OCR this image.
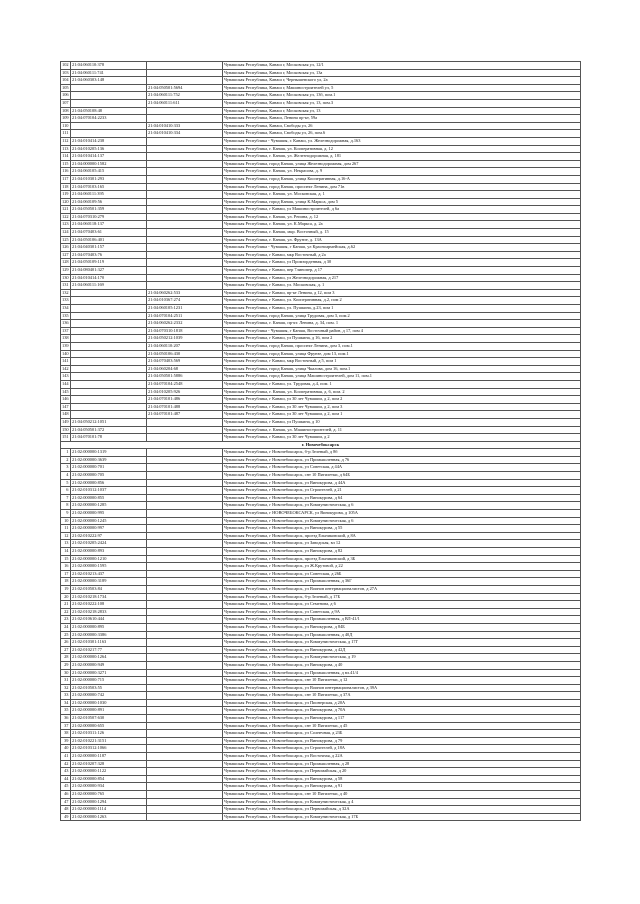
102	21:04:060110:378		Чувашская Республика, Канаш г, Московская ул, 12/1
103	21:04:060111:741		Чувашская Республика, Канаш г, Московская ул, 13а
104	21:04:060303:148		Чувашская Республика, Канаш г, Чернышевского ул, 2а
105		21:04:050501:5694	Чувашская Республика, Канаш г, Машиностроителей ул, 5
106		21:04:060111:752	Чувашская Республика, Канаш г, Московская ул, 13б, пом.1
107		21:04:060111:611	Чувашская Республика, Канаш г, Московская ул, 13, пом.3
108	21:04:050108:48		Чувашская Республика, Канаш г, Московская ул, 13
109	21:04:070104:2233		Чувашская Республика, Канаш, Ленина пр-кт, 59а
110		21:04:010410:333	Чувашская Республика, Канаш, Свободы ул, 26
111		21:04:010410:334	Чувашская Республика, Канаш, Свободы ул, 26, пом.6
112	21:04:010414:238		Чувашская Республика - Чувашия, г. Канаш, ул. Железнодорожная, д.163
113	21:04:010205:136		Чувашская Республика, г. Канаш, ул. Кооперативная, д. 12
114	21:04:010414:137		Чувашская Республика, г. Канаш, ул. Железнодорожная, д. 181
115	21:04:000000:1582		Чувашская Республика, город Канаш, улица Железнодорожная, дом 267
116	21:04:060105:415		Чувашская Республика, г. Канаш, ул. Некрасова, д. 9
117	21:04:010301:293		Чувашская Республика, город Канаш, улица Кооперативная, д.16-А
118	21:04:070103:165		Чувашская Республика, город Канаш, проспект Ленина, дом 71в
119	21:04:060111:395		Чувашская Республика, г. Канаш, ул. Московская, д. 1
120	21:04:060109:56		Чувашская Республика, город Канаш, улица К.Маркса, дом 5
121	21:04:050501:359		Чувашская Республика, г Канаш, ул Машиностроителей, д 6а
122	21:04:070310:279		Чувашская Республика, г. Канаш, ул. Репина, д. 12
123	21:04:060118:137		Чувашская Республика, г. Канаш, ул. К.Маркса, д. 2а
124	21:04:070403:61		Чувашская Республика, г. Канаш, мкр. Восточный, д. 15
125	21:04:050106:401		Чувашская Республика, г. Канаш, ул. Фрунзе, д. 13А
126	21:04:040301:157		Чувашская Республика - Чувашия, г Канаш, ул Красноармейская, д.62
127	21:04:070403:76		Чувашская Республика, г Канаш, мкр Восточный, д 2а
128	21:04:050109:119		Чувашская Республика, г Канаш, ул Промзорденная, д 30
129	21:04:080401:327		Чувашская Республика, г Канаш, пер 7линопер, д 17
130	21:04:010414:170		Чувашская Республика, г Канаш, ул Железнодорожная, д 217
131	21:04:060111:169		Чувашская Республика, г Канаш, ул. Московская, д. 1
132		21:04:060262:533	Чувашская Республика, г Канаш, пр-кт Ленина, д 12, пом 3
133		21:04:010367:274	Чувашская Республика, г Канаш, ул. Кооперативная, д.2, пом 2
134		21:04:060105:1231	Чувашская Республика, г Канаш, ул. Пушкина, д.23, пом 1
135		21:04:070104:2511	Чувашская Республика, город Канаш, улица Трудовая, дом 3, пом.2
136		21:04:060262:2332	Чувашская Республика, г. Канаш, пр-кт. Ленина, д. 34, пом. 1
137		21:04:070310:1818	Чувашская Республика - Чувашия, г Канаш, Восточный район, д 17, пом 4
138		21:04:050212:1039	Чувашская Республика, г Канаш, ул Пушкина, д 16, пом 2
139		21:04:060110:207	Чувашская Республика, город Канаш, проспект Ленина, дом 3, пом.1
140		21:04:050106:430	Чувашская Республика, город Канаш, улица Фрунзе, дом 13, пом.1
141		21:04:070403:569	Чувашская Республика, г Канаш, мкр Восточный, д 5, пом 1
142		21:04:060204:68	Чувашская Республика, город Канаш, улица Чкалова, дом 16, пом.1
143		21:04:050501:5886	Чувашская Республика, город Канаш, улица Машиностроителей, дом 11, пом.1
144		21:04:070104:2548	Чувашская Республика, г Канаш, ул. Трудовая, д.4, пом. 1
145		21:04:010205:926	Чувашская Республика, г. Канаш, ул. Кооперативная, д. 6, пом. 2
146		21:04:070101:486	Чувашская Республика, г Канаш, ул 30 лет Чувашии, д 2, пом 2
147		21:04:070101:488	Чувашская Республика, г Канаш, ул 30 лет Чувашии, д 2, пом 3
148		21:04:070101:487	Чувашская Республика, г Канаш, ул 30 лет Чувашии, д 2, пом 1
149	21:04:050212:1051		Чувашская Республика, г Канаш, ул Пушкина, д 10
150	21:04:050501:372		Чувашская Республика, г. Канаш, ул. Машиностроителей, д. 11
151	21:04:070101:78		Чувашская Республика, г Канаш, ул 30 лет Чувашии, д 2
г. Новочебоксарск			
1	21:02:000000:1319		Чувашская Республика, г Новочебоксарск, б-р Зеленый, д 8б
2	21:02:000000:3639		Чувашская Республика, г Новочебоксарск, ул Промышленная, д 76
3	21:02:000000:701		Чувашская Республика, г Новочебоксарск, ул Советская, д 44А
4	21:02:000000:705		Чувашская Республика, г Новочебоксарск, снт 10 Пятилетки, д 64Б
5	21:02:000000:856		Чувашская Республика, г Новочебоксарск, ул Винокурова, д 44А
6	21:02:010312:1037		Чувашская Республика, г Новочебоксарск, ул Строителей, д 21
7	21:02:000000:855		Чувашская Республика, г Новочебоксарск, ул Винокурова, д 64
8	21:02:000000:1285		Чувашская Республика, г Новочебоксарск, ул Коммунистическая, д 6
9	21:02:000000:995		Чувашская Республика, г НОВОЧЕБОКСАРСК, ул Винокурова, д 105А
10	21:02:000000:1245		Чувашская Республика, г Новочебоксарск, ул Коммунистическая, д 6
11	21:02:000000:997		Чувашская Республика, г Новочебоксарск, ул Винокурова, д 55
12	21:02:010222:97		Чувашская Республика, г Новочебоксарск, проезд Ельниковский, д 8А
13	21:02:010205:2424		Чувашская Республика, г Новочебоксарск, ул Заводская, вл 12
14	21:02:000000:893		Чувашская Республика, г Новочебоксарск, ул Винокурова, д 82
15	21:02:000000:1210		Чувашская Республика, г Новочебоксарск, проезд Ельниковский, д 3Б
16	21:02:000000:1595		Чувашская Республика, г Новочебоксарск, ул Ж.Крутовой, д 22
17	21:02:010213:437		Чувашская Республика, г Новочебоксарск, ул Советская, д 26Б
18	21:02:000000:3189		Чувашская Республика, г Новочебоксарск, ул Промышленная, д 36Г
19	21:02:010503:84		Чувашская Республика, г Новочебоксарск, ул Воинов интернационалистов, д 27А
20	21:02:010218:1734		Чувашская Республика, г Новочебоксарск, б-р Зеленый, д 17Б
21	21:02:010222:108		Чувашская Республика, г Новочебоксарск, ул Семенова, д 6
22	21:02:010218:2833		Чувашская Республика, г Новочебоксарск, ул Советская, д 9А
23	21:02:010610:444		Чувашская Республика, г Новочебоксарск, ул Промышленная, д ВЛ-41/1
24	21:02:000000:895		Чувашская Республика, г Новочебоксарск, ул Винокурова, д 84Б
25	21:02:000000:3386		Чувашская Республика, г Новочебоксарск, ул Промышленная, д 40Д
26	21:02:010301:1163		Чувашская Республика, г Новочебоксарск, ул Коммунистическая, д 17Г
27	21:02:010217:77		Чувашская Республика, г Новочебоксарск, ул Винокурова, д 42Д
28	21:02:000000:1264		Чувашская Республика, г Новочебоксарск, ул Коммунистическая, д 19
29	21:02:000000:949		Чувашская Республика, г Новочебоксарск, ул Винокурова, д 40
30	21:02:000000:3271		Чувашская Республика, г Новочебоксарск, ул Промышленная, д вл.41/4
31	21:02:000000:715		Чувашская Республика, г Новочебоксарск, снт 10 Пятилетки, д 12
32	21:02:010503:55		Чувашская Республика, г Новочебоксарск, ул Воинов интернационалистов, д 39А
33	21:02:000000:742		Чувашская Республика, г Новочебоксарск, снт 10 Пятилетки, д 37А
34	21:02:000000:1030		Чувашская Республика, г Новочебоксарск, ул Пионерская, д 20А
35	21:02:000000:891		Чувашская Республика, г Новочебоксарск, ул Винокурова, д 70А
36	21:02:010507:630		Чувашская Республика, г Новочебоксарск, ул Винокурова, д 117
37	21:02:000000:655		Чувашская Республика, г Новочебоксарск, снт 10 Пятилетки, д 45
38	21:02:010311:126		Чувашская Республика, г Новочебоксарск, ул Солнечная, д 23Б
39	21:02:010221:3151		Чувашская Республика, г Новочебоксарск, ул Винокурова, д 79
40	21:02:010312:1066		Чувашская Республика, г Новочебоксарск, ул Строителей, д 18А
41	21:02:000000:1187		Чувашская Республика, г Новочебоксарск, ул Восточная, д 22А
42	21:02:010207:328		Чувашская Республика, г Новочебоксарск, ул Промышленная, д 28
43	21:02:000000:1122		Чувашская Республика, г Новочебоксарск, ул Первомайская, д 20
44	21:02:000000:854		Чувашская Республика, г Новочебоксарск, ул Винокурова, д 58
45	21:02:000000:934		Чувашская Республика, г Новочебоксарск, ул Винокурова, д 91
46	21:02:000000:765		Чувашская Республика, г Новочебоксарск, снт 10 Пятилетки, д 40
47	21:02:000000:1294		Чувашская Республика, г Новочебоксарск, ул Коммунистическая, д 4
48	21:02:000000:1114		Чувашская Республика, г Новочебоксарск, ул Первомайская, д 32А
49	21:02:000000:1263		Чувашская Республика, г Новочебоксарск, ул Коммунистическая, д 17Б
